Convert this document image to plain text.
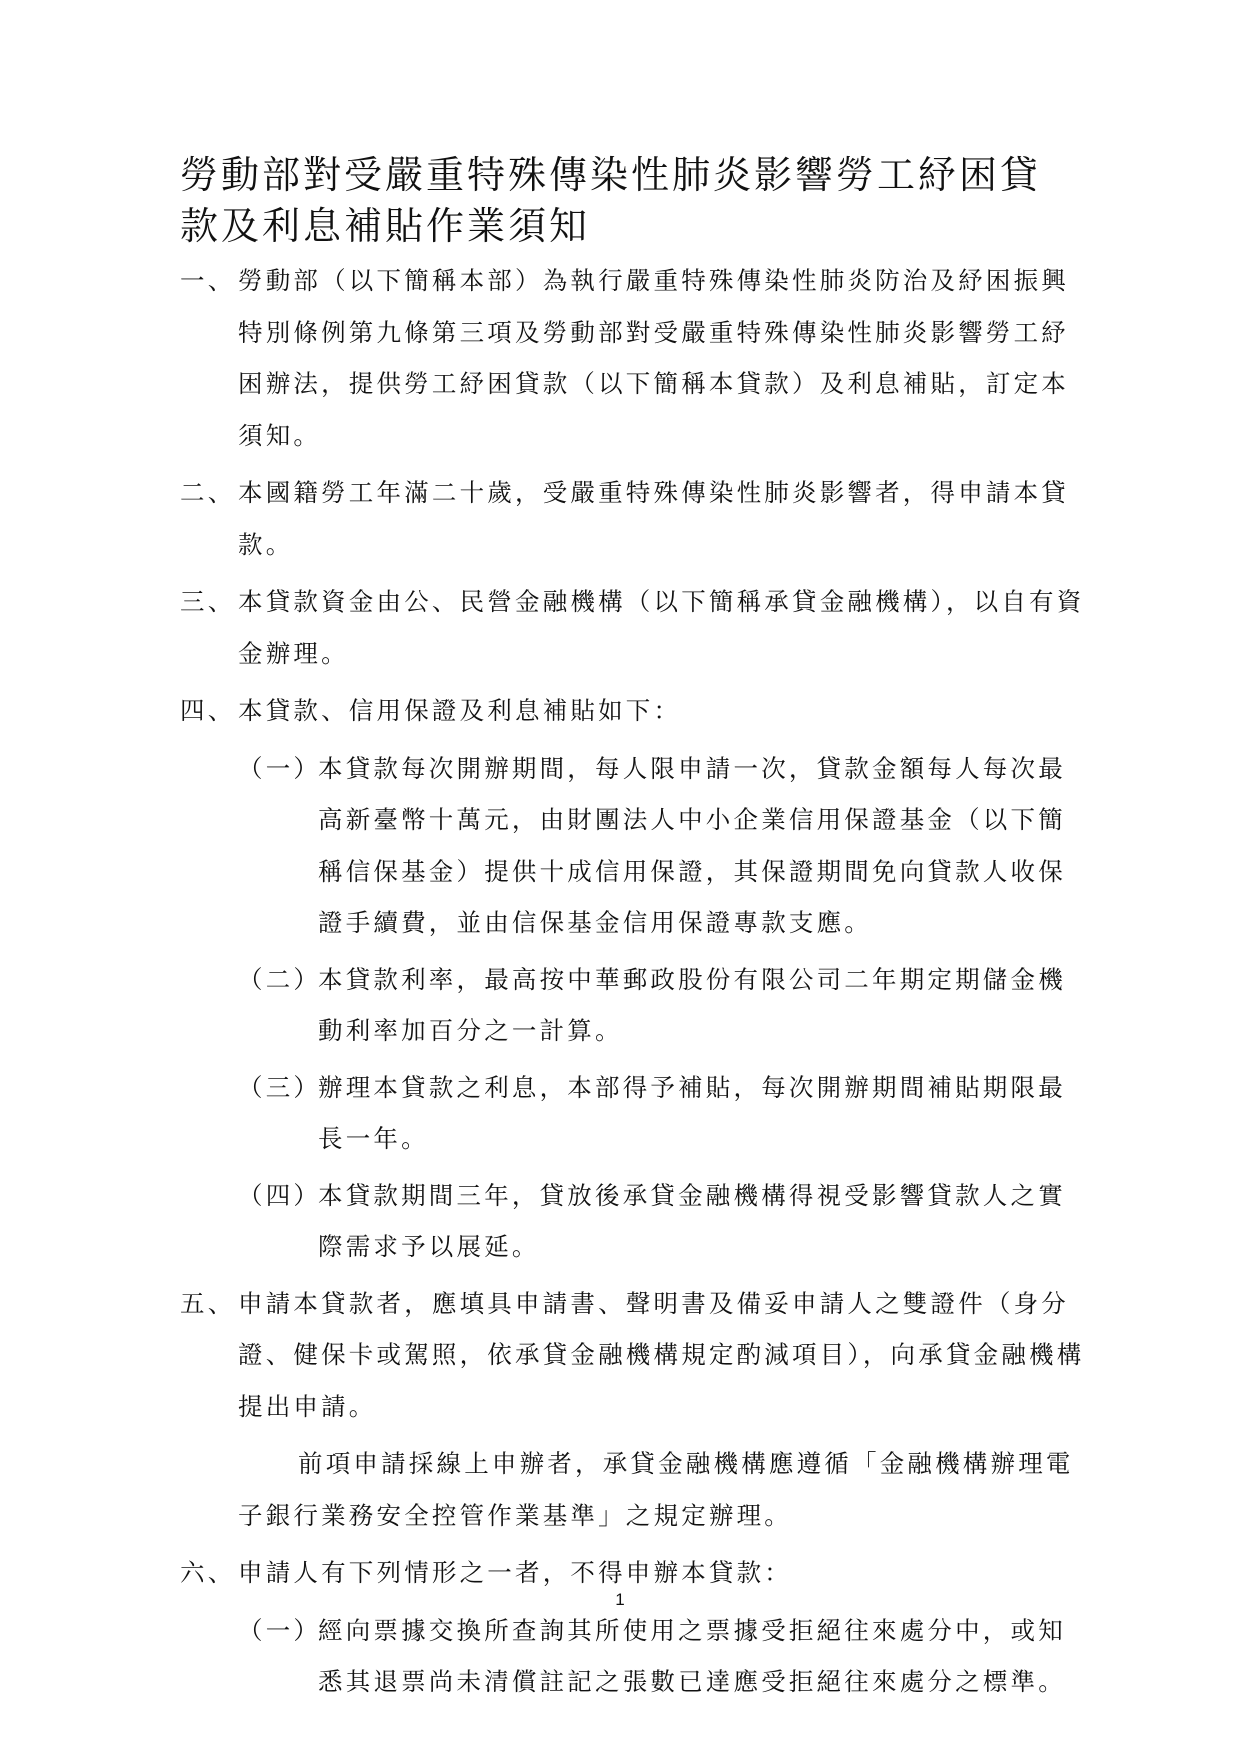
勞動部對受嚴重特殊傳染性肺炎影響勞工紓困貸
款及利息補貼作業須知
一、 勞動部（以下簡稱本部）為執行嚴重特殊傳染性肺炎防治及紓困振興特別條例第九條第三項及勞動部對受嚴重特殊傳染性肺炎影響勞工紓困辦法，提供勞工紓困貸款（以下簡稱本貸款）及利息補貼，訂定本須知。
二、 本國籍勞工年滿二十歲，受嚴重特殊傳染性肺炎影響者，得申請本貸款。
三、 本貸款資金由公、民營金融機構（以下簡稱承貸金融機構），以自有資金辦理。
四、 本貸款、信用保證及利息補貼如下：
（一）
本貸款每次開辦期間，每人限申請一次，貸款金額每人每次最高新臺幣十萬元，由財團法人中小企業信用保證基金（以下簡稱信保基金）提供十成信用保證，其保證期間免向貸款人收保證手續費，並由信保基金信用保證專款支應。
（二）
本貸款利率，最高按中華郵政股份有限公司二年期定期儲金機動利率加百分之一計算。
（三）
辦理本貸款之利息，本部得予補貼，每次開辦期間補貼期限最長一年。
（四）
本貸款期間三年，貸放後承貸金融機構得視受影響貸款人之實際需求予以展延。
五、 申請本貸款者，應填具申請書、聲明書及備妥申請人之雙證件（身分證、健保卡或駕照，依承貸金融機構規定酌減項目），向承貸金融機構提出申請。
前項申請採線上申辦者，承貸金融機構應遵循「金融機構辦理電子銀行業務安全控管作業基準」之規定辦理。
六、 申請人有下列情形之一者，不得申辦本貸款：
（一）
經向票據交換所查詢其所使用之票據受拒絕往來處分中，或知悉其退票尚未清償註記之張數已達應受拒絕往來處分之標準。
1
